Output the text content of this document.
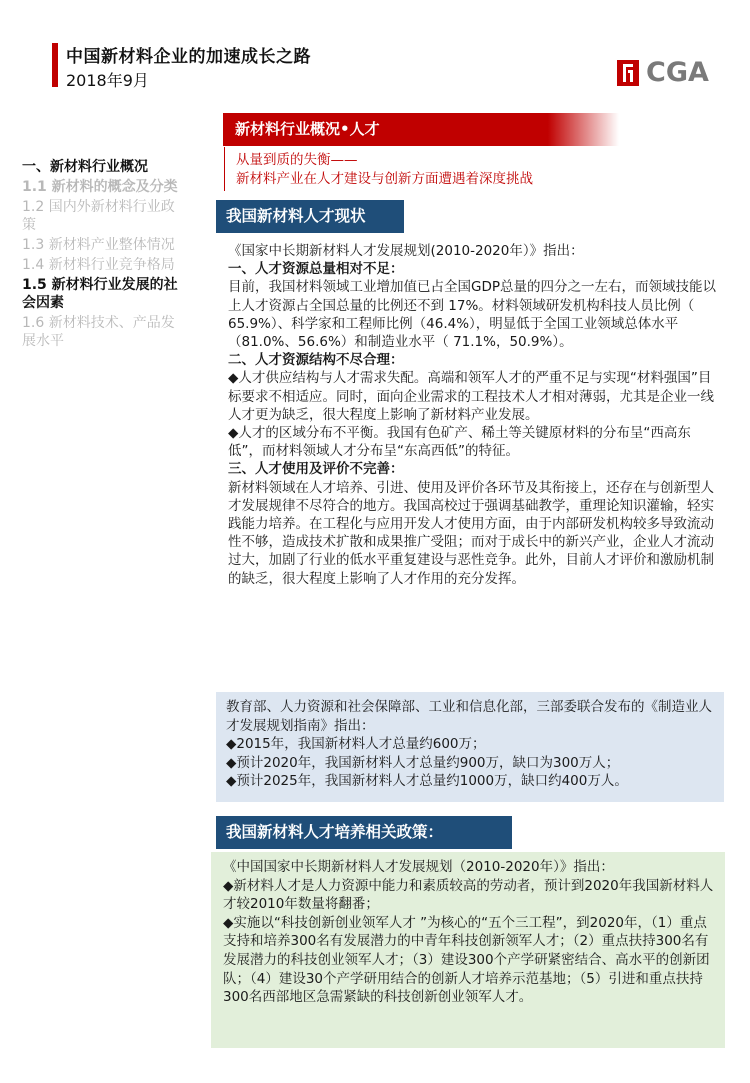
中国新材料企业的加速成长之路
2018年9月	CGA
新材料行业概况•人才
从量到质的失衡——
新材料产业在人才建设与创新方面遭遇着深度挑战
一、新材料行业概况
1.1 新材料的概念及分类
1.2 国内外新材料行业政策
1.3 新材料产业整体情况
1.4 新材料行业竞争格局
1.5 新材料行业发展的社会因素
1.6 新材料技术、产品发展水平
我国新材料人才现状

《国家中长期新材料人才发展规划(2010-2020年）》指出：

一、人才资源总量相对不足：

目前，我国材料领域工业增加值已占全国GDP总量的四分之一左右，而领域技能以上人才资源占全国总量的比例还不到 17%。材料领域研发机构科技人员比例（ 65.9%）、科学家和工程师比例（46.4%），明显低于全国工业领域总体水平（81.0%、56.6%）和制造业水平（ 71.1%，50.9%）。

二、人才资源结构不尽合理：

◆人才供应结构与人才需求失配。高端和领军人才的严重不足与实现“材料强国”目标要求不相适应。同时，面向企业需求的工程技术人才相对薄弱，尤其是企业一线人才更为缺乏，很大程度上影响了新材料产业发展。

◆人才的区域分布不平衡。我国有色矿产、稀土等关键原材料的分布呈“西高东低”，而材料领域人才分布呈“东高西低”的特征。

三、人才使用及评价不完善：

新材料领域在人才培养、引进、使用及评价各环节及其衔接上，还存在与创新型人才发展规律不尽符合的地方。我国高校过于强调基础教学，重理论知识灌输，轻实践能力培养。在工程化与应用开发人才使用方面，由于内部研发机构较多导致流动性不够，造成技术扩散和成果推广受阻；而对于成长中的新兴产业，企业人才流动过大，加剧了行业的低水平重复建设与恶性竞争。此外，目前人才评价和激励机制的缺乏，很大程度上影响了人才作用的充分发挥。

教育部、人力资源和社会保障部、工业和信息化部，三部委联合发布的《制造业人才发展规划指南》指出：

◆2015年，我国新材料人才总量约600万；

◆预计2020年，我国新材料人才总量约900万，缺口为300万人；

◆预计2025年，我国新材料人才总量约1000万，缺口约400万人。

我国新材料人才培养相关政策：

《中国国家中长期新材料人才发展规划（2010-2020年）》指出：

◆新材料人才是人力资源中能力和素质较高的劳动者，预计到2020年我国新材料人才较2010年数量将翻番；

◆实施以“科技创新创业领军人才 ”为核心的“五个三工程”，到2020年，（1）重点支持和培养300名有发展潜力的中青年科技创新领军人才；（2）重点扶持300名有发展潜力的科技创业领军人才；（3）建设300个产学研紧密结合、高水平的创新团队；（4）建设30个产学研用结合的创新人才培养示范基地；（5）引进和重点扶持300名西部地区急需紧缺的科技创新创业领军人才。
